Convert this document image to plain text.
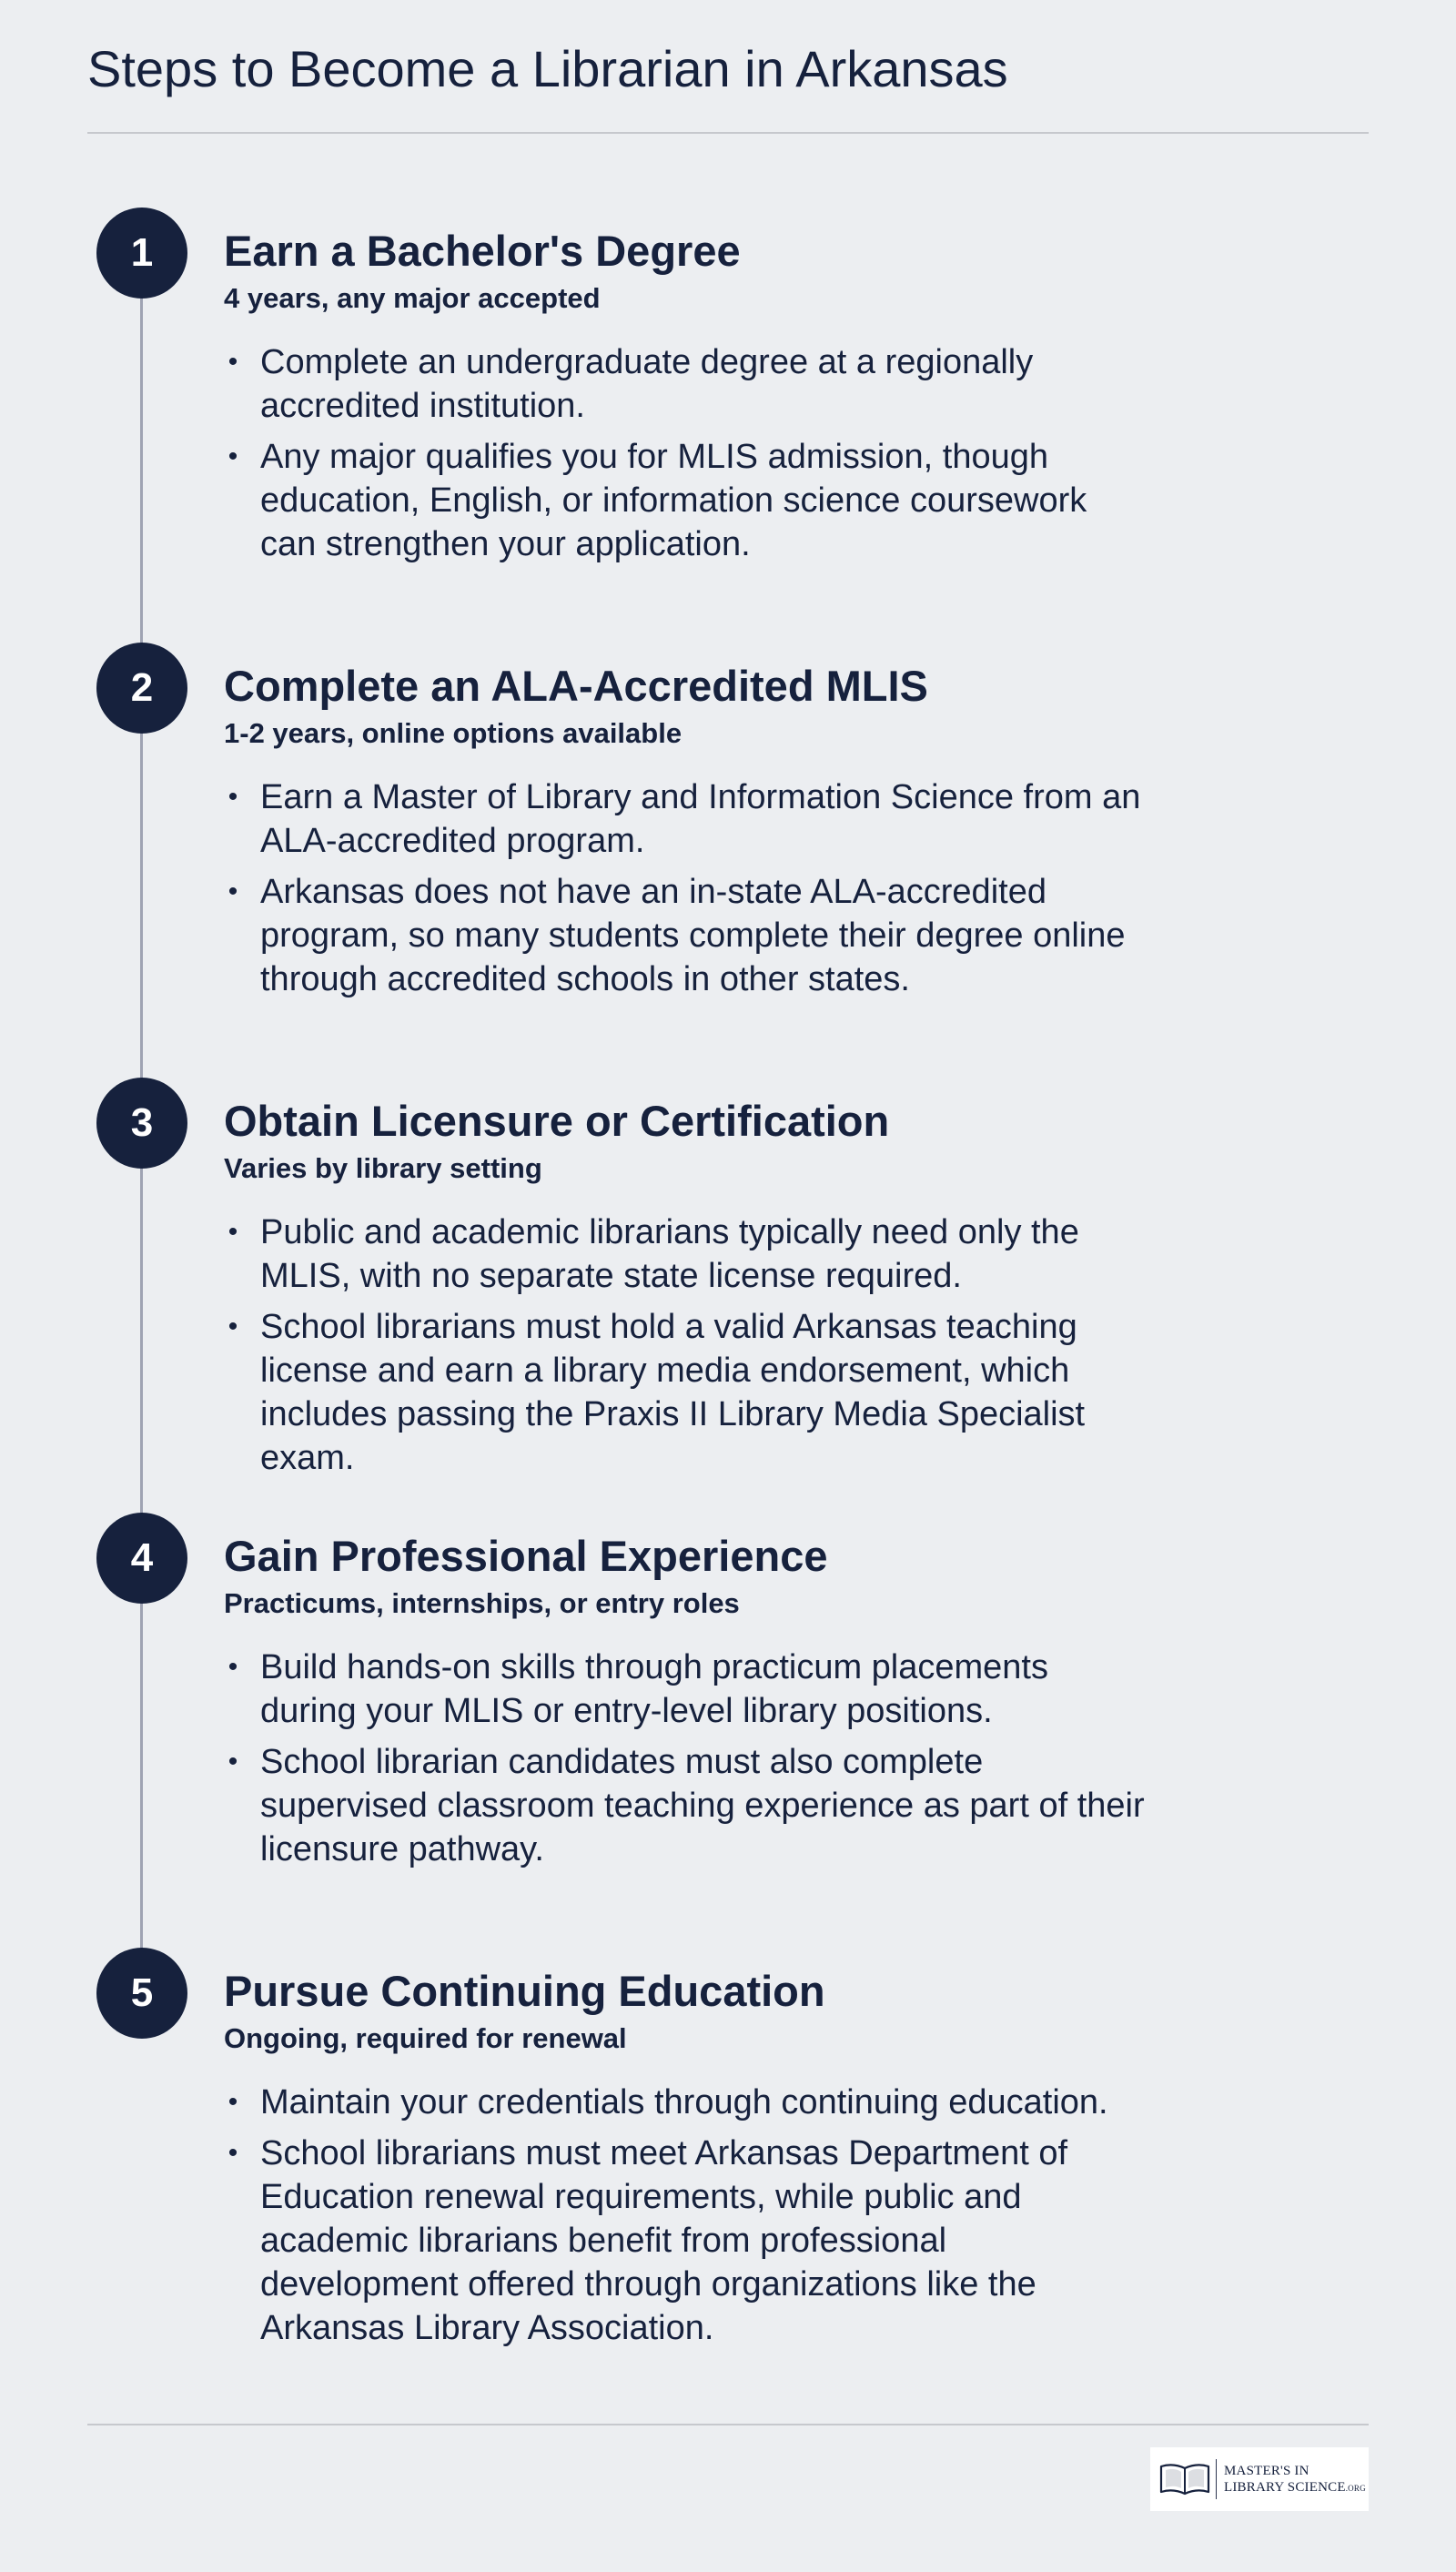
Steps to Become a Librarian in Arkansas
1	Earn a Bachelor's Degree

4 years, any major accepted

• Complete an undergraduate degree at a regionally accredited institution.
• Any major qualifies you for MLIS admission, though education, English, or information science coursework can strengthen your application.
2	Complete an ALA-Accredited MLIS

1-2 years, online options available

• Earn a Master of Library and Information Science from an ALA-accredited program.
• Arkansas does not have an in-state ALA-accredited program, so many students complete their degree online through accredited schools in other states.
3	Obtain Licensure or Certification

Varies by library setting

• Public and academic librarians typically need only the MLIS, with no separate state license required.
• School librarians must hold a valid Arkansas teaching license and earn a library media endorsement, which includes passing the Praxis II Library Media Specialist exam.
4	Gain Professional Experience

Practicums, internships, or entry roles

• Build hands-on skills through practicum placements during your MLIS or entry-level library positions.
• School librarian candidates must also complete supervised classroom teaching experience as part of their licensure pathway.
5	Pursue Continuing Education

Ongoing, required for renewal

• Maintain your credentials through continuing education.
• School librarians must meet Arkansas Department of Education renewal requirements, while public and academic librarians benefit from professional development offered through organizations like the Arkansas Library Association.
MASTER'S IN
LIBRARY SCIENCE.ORG
